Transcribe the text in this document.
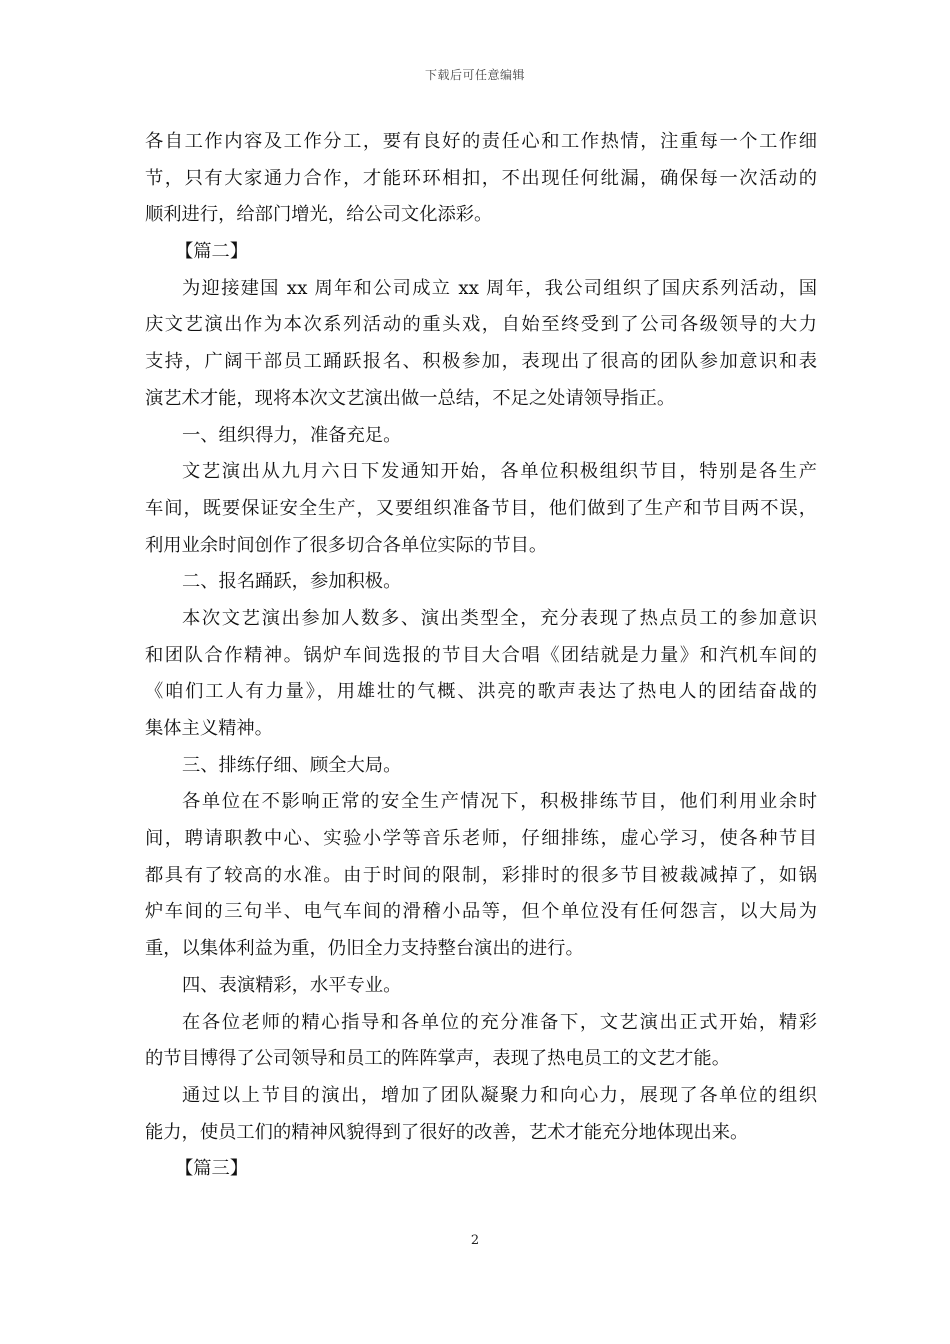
下载后可任意编辑
各自工作内容及工作分工，要有良好的责任心和工作热情，注重每一个工作细
节，只有大家通力合作，才能环环相扣，不出现任何纰漏，确保每一次活动的
顺利进行，给部门增光，给公司文化添彩。
【篇二】
为迎接建国 xx 周年和公司成立 xx 周年，我公司组织了国庆系列活动，国
庆文艺演出作为本次系列活动的重头戏，自始至终受到了公司各级领导的大力
支持，广阔干部员工踊跃报名、积极参加，表现出了很高的团队参加意识和表
演艺术才能，现将本次文艺演出做一总结，不足之处请领导指正。
一、组织得力，准备充足。
文艺演出从九月六日下发通知开始，各单位积极组织节目，特别是各生产
车间，既要保证安全生产，又要组织准备节目，他们做到了生产和节目两不误，
利用业余时间创作了很多切合各单位实际的节目。
二、报名踊跃，参加积极。
本次文艺演出参加人数多、演出类型全，充分表现了热点员工的参加意识
和团队合作精神。锅炉车间选报的节目大合唱《团结就是力量》和汽机车间的
《咱们工人有力量》，用雄壮的气概、洪亮的歌声表达了热电人的团结奋战的
集体主义精神。
三、排练仔细、顾全大局。
各单位在不影响正常的安全生产情况下，积极排练节目，他们利用业余时
间，聘请职教中心、实验小学等音乐老师，仔细排练，虚心学习，使各种节目
都具有了较高的水准。由于时间的限制，彩排时的很多节目被裁减掉了，如锅
炉车间的三句半、电气车间的滑稽小品等，但个单位没有任何怨言，以大局为
重，以集体利益为重，仍旧全力支持整台演出的进行。
四、表演精彩，水平专业。
在各位老师的精心指导和各单位的充分准备下，文艺演出正式开始，精彩
的节目博得了公司领导和员工的阵阵掌声，表现了热电员工的文艺才能。
通过以上节目的演出，增加了团队凝聚力和向心力，展现了各单位的组织
能力，使员工们的精神风貌得到了很好的改善，艺术才能充分地体现出来。
【篇三】
2
